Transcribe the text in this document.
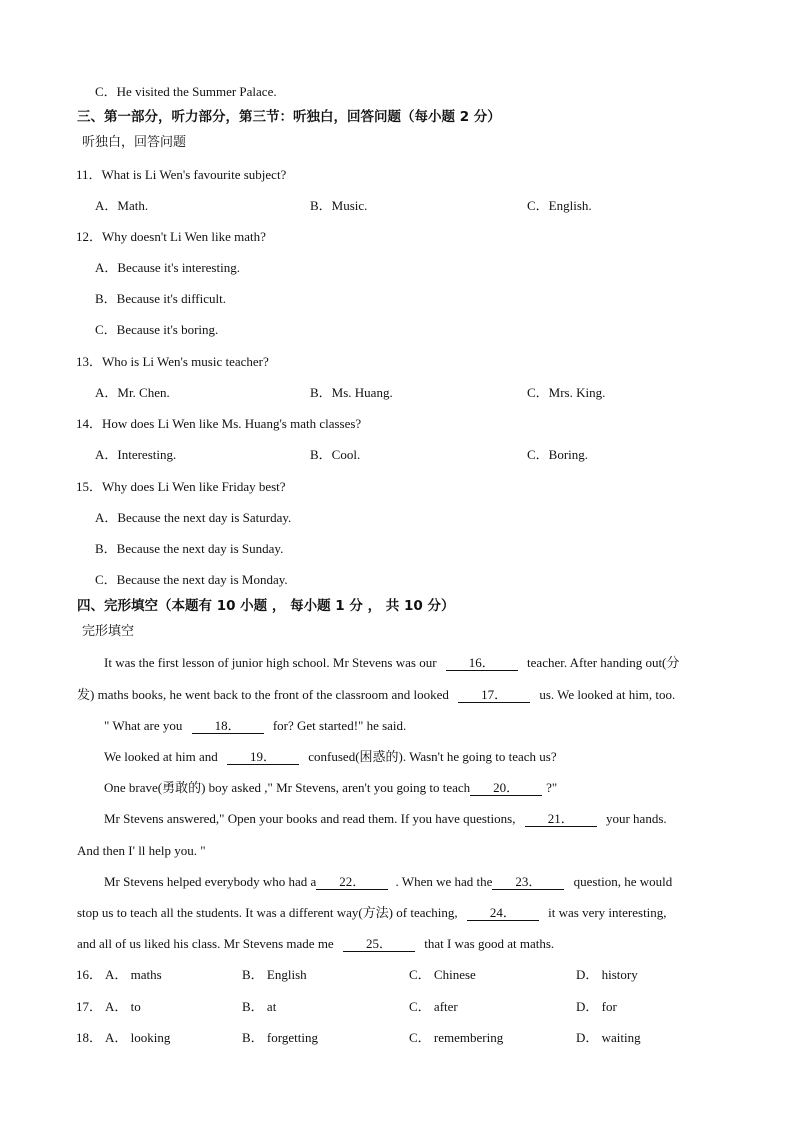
C．He visited the Summer Palace.
三、第一部分，听力部分，第三节：听独白，回答问题（每小题 2 分）
听独白，回答问题
11．What is Li Wen's favourite subject?
A．Math.	B．Music.	C．English.
12．Why doesn't Li Wen like math?
A．Because it's interesting.
B．Because it's difficult.
C．Because it's boring.
13．Who is Li Wen's music teacher?
A．Mr. Chen.	B．Ms. Huang.	C．Mrs. King.
14．How does Li Wen like Ms. Huang's math classes?
A．Interesting.	B．Cool.	C．Boring.
15．Why does Li Wen like Friday best?
A．Because the next day is Saturday.
B．Because the next day is Sunday.
C．Because the next day is Monday.
四、完形填空（本题有 10 小题 ， 每小题 1 分 ， 共 10 分）
完形填空
It was the first lesson of junior high school. Mr Stevens was our 16． teacher. After handing out(分
发) maths books, he went back to the front of the classroom and looked 17． us. We looked at him, too.
" What are you 18． for? Get started!" he said.
We looked at him and 19． confused(困惑的). Wasn't he going to teach us?
One brave(勇敢的) boy asked ," Mr Stevens, aren't you going to teach 20． ?"
Mr Stevens answered," Open your books and read them. If you have questions, 21． your hands.
And then I' ll help you. "
Mr Stevens helped everybody who had a 22． . When we had the 23． question, he would
stop us to teach all the students. It was a different way(方法) of teaching, 24． it was very interesting,
and all of us liked his class. Mr Stevens made me 25． that I was good at maths.
16． A． maths	B． English	C． Chinese	D． history
17． A． to	B． at	C． after	D． for
18． A． looking	B． forgetting	C． remembering	D． waiting
